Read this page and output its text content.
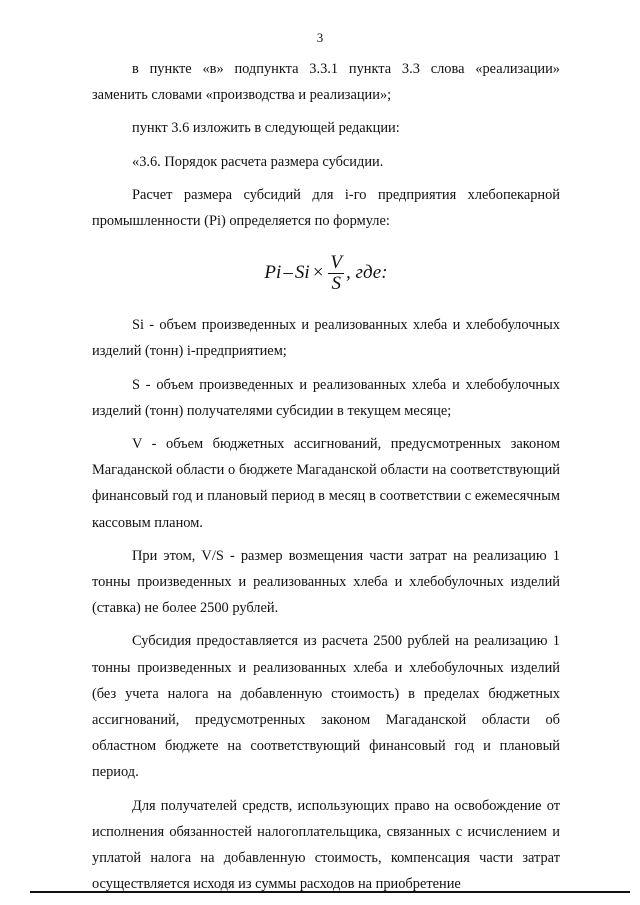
3

в пункте «в» подпункта 3.3.1 пункта 3.3 слова «реализации» заменить словами «производства и реализации»;

пункт 3.6 изложить в следующей редакции:

«3.6. Порядок расчета размера субсидии.

Расчет размера субсидий для i-го предприятия хлебопекарной промышленности (Pi) определяется по формуле:

$Pi - Si \times \frac{V}{S}$ , где:

Si - объем произведенных и реализованных хлеба и хлебобулочных изделий (тонн) i-предприятием;

S - объем произведенных и реализованных хлеба и хлебобулочных изделий (тонн) получателями субсидии в текущем месяце;

V - объем бюджетных ассигнований, предусмотренных законом Магаданской области о бюджете Магаданской области на соответствующий финансовый год и плановый период в месяц в соответствии с ежемесячным кассовым планом.

При этом, V/S - размер возмещения части затрат на реализацию 1 тонны произведенных и реализованных хлеба и хлебобулочных изделий (ставка) не более 2500 рублей.

Субсидия предоставляется из расчета 2500 рублей на реализацию 1 тонны произведенных и реализованных хлеба и хлебобулочных изделий (без учета налога на добавленную стоимость) в пределах бюджетных ассигнований, предусмотренных законом Магаданской области об областном бюджете на соответствующий финансовый год и плановый период.

Для получателей средств, использующих право на освобождение от исполнения обязанностей налогоплательщика, связанных с исчислением и уплатой налога на добавленную стоимость, компенсация части затрат осуществляется исходя из суммы расходов на приобретение
